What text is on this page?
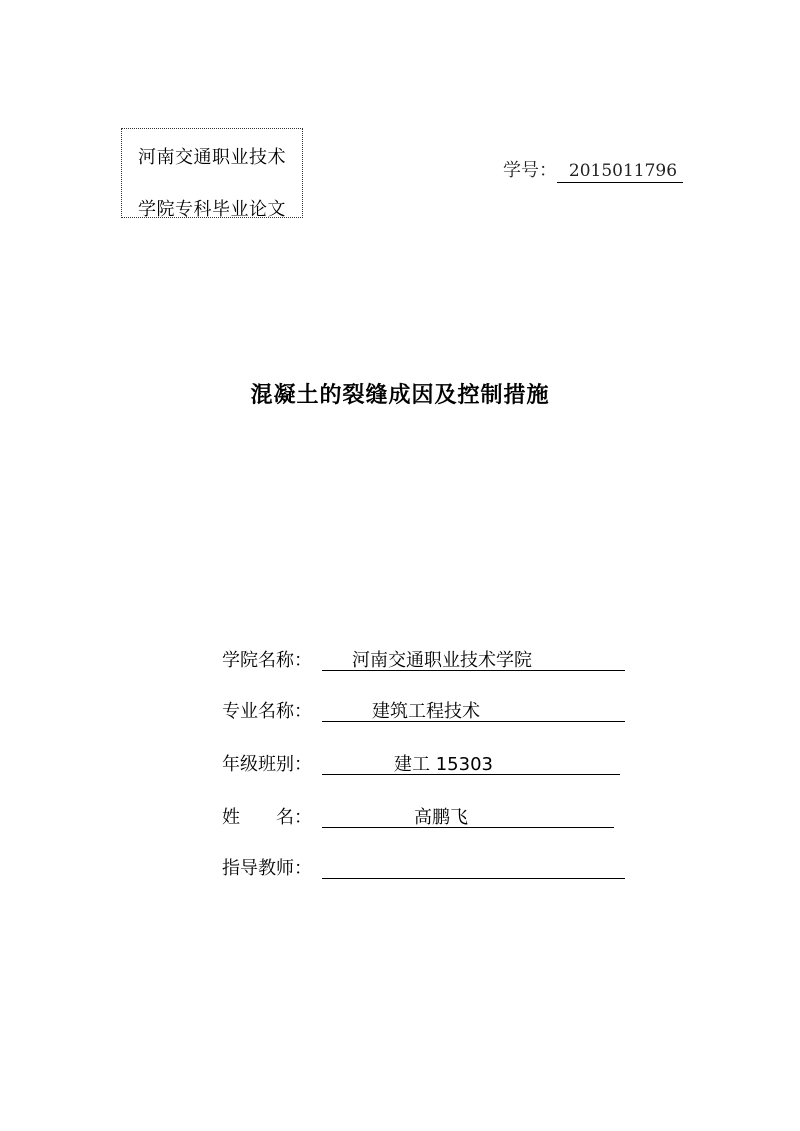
河南交通职业技术
学院专科毕业论文
学号： 2015011796
混凝土的裂缝成因及控制措施
学院名称： 河南交通职业技术学院
专业名称：	建筑工程技术
年级班别：	建工 15303
姓　　名：	高鹏飞
指导教师：
